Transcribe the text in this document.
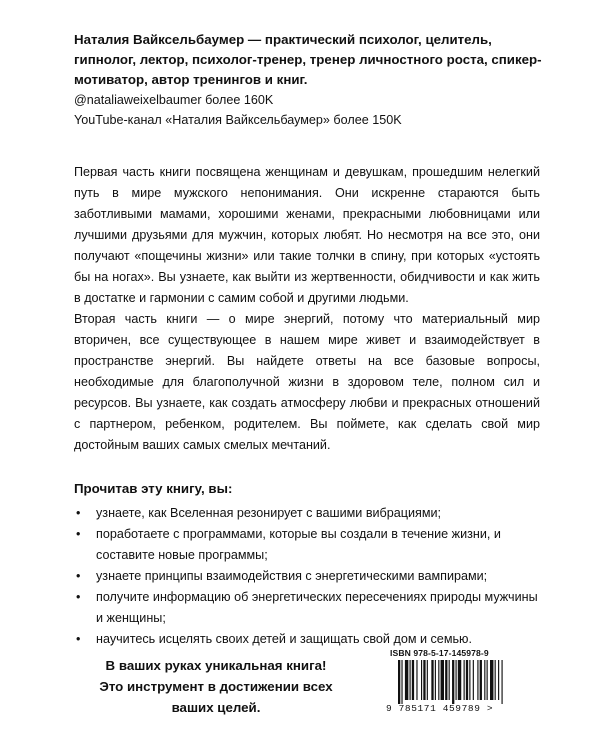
Наталия Вайксельбаумер — практический психолог, целитель, гипнолог, лектор, психолог-тренер, тренер личностного роста, спикер-мотиватор, автор тренингов и книг.

@nataliaweixelbaumer более 160K

YouTube-канал «Наталия Вайксельбаумер» более 150K

Первая часть книги посвящена женщинам и девушкам, прошедшим нелегкий путь в мире мужского непонимания. Они искренне стараются быть заботливыми мамами, хорошими женами, прекрасными любовницами или лучшими друзьями для мужчин, которых любят. Но несмотря на все это, они получают «пощечины жизни» или такие толчки в спину, при которых «устоять бы на ногах». Вы узнаете, как выйти из жертвенности, обидчивости и как жить в достатке и гармонии с самим собой и другими людьми.

Вторая часть книги — о мире энергий, потому что материальный мир вторичен, все существующее в нашем мире живет и взаимодействует в пространстве энергий. Вы найдете ответы на все базовые вопросы, необходимые для благополучной жизни в здоровом теле, полном сил и ресурсов. Вы узнаете, как создать атмосферу любви и прекрасных отношений с партнером, ребенком, родителем. Вы поймете, как сделать свой мир достойным ваших самых смелых мечтаний.

Прочитав эту книгу, вы:

• узнаете, как Вселенная резонирует с вашими вибрациями;
• поработаете с программами, которые вы создали в течение жизни, и составите новые программы;
• узнаете принципы взаимодействия с энергетическими вампирами;
• получите информацию об энергетических пересечениях природы мужчины и женщины;
• научитесь исцелять своих детей и защищать свой дом и семью.
В ваших руках уникальная книга!
Это инструмент в достижении всех
ваших целей.
ISBN 978-5-17-145978-9
9 785171 459789 >
